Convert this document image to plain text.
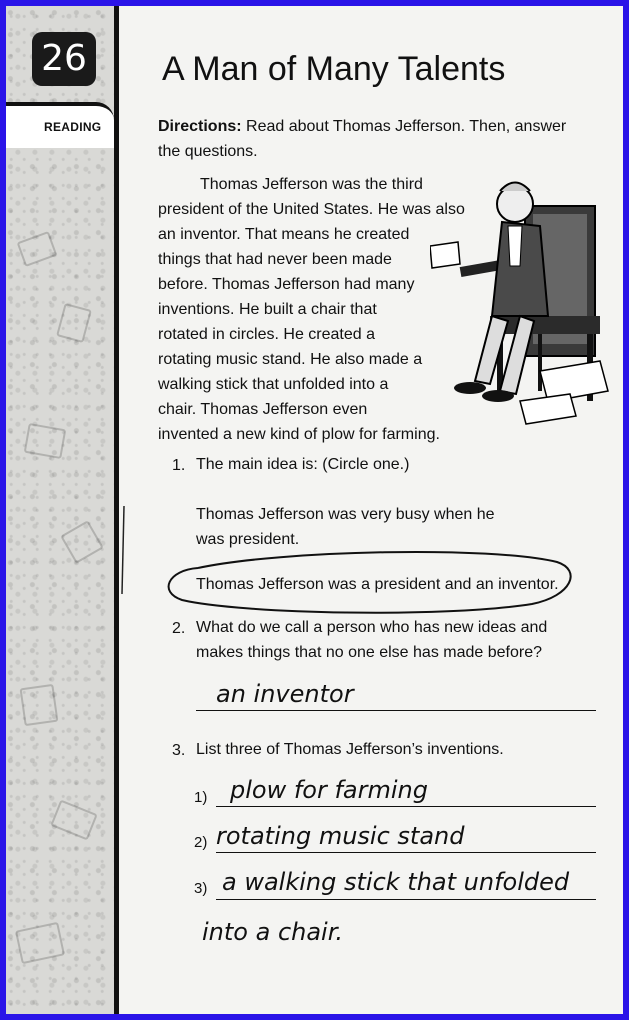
26
READING
A Man of Many Talents
Directions: Read about Thomas Jefferson. Then, answer the questions.
Thomas Jefferson was the third
president of the United States. He was also
an inventor. That means he created
things that had never been made
before. Thomas Jefferson had many
inventions. He built a chair that
rotated in circles. He created a
rotating music stand. He also made a
walking stick that unfolded into a
chair. Thomas Jefferson even
invented a new kind of plow for farming.
1. The main idea is: (Circle one.)
Thomas Jefferson was very busy when he
was president.
Thomas Jefferson was a president and an inventor.
2. What do we call a person who has new ideas and
makes things that no one else has made before?
an inventor
3. List three of Thomas Jefferson’s inventions.
1) plow for farming
2) rotating music stand
3) a walking stick that unfolded
into a chair.
